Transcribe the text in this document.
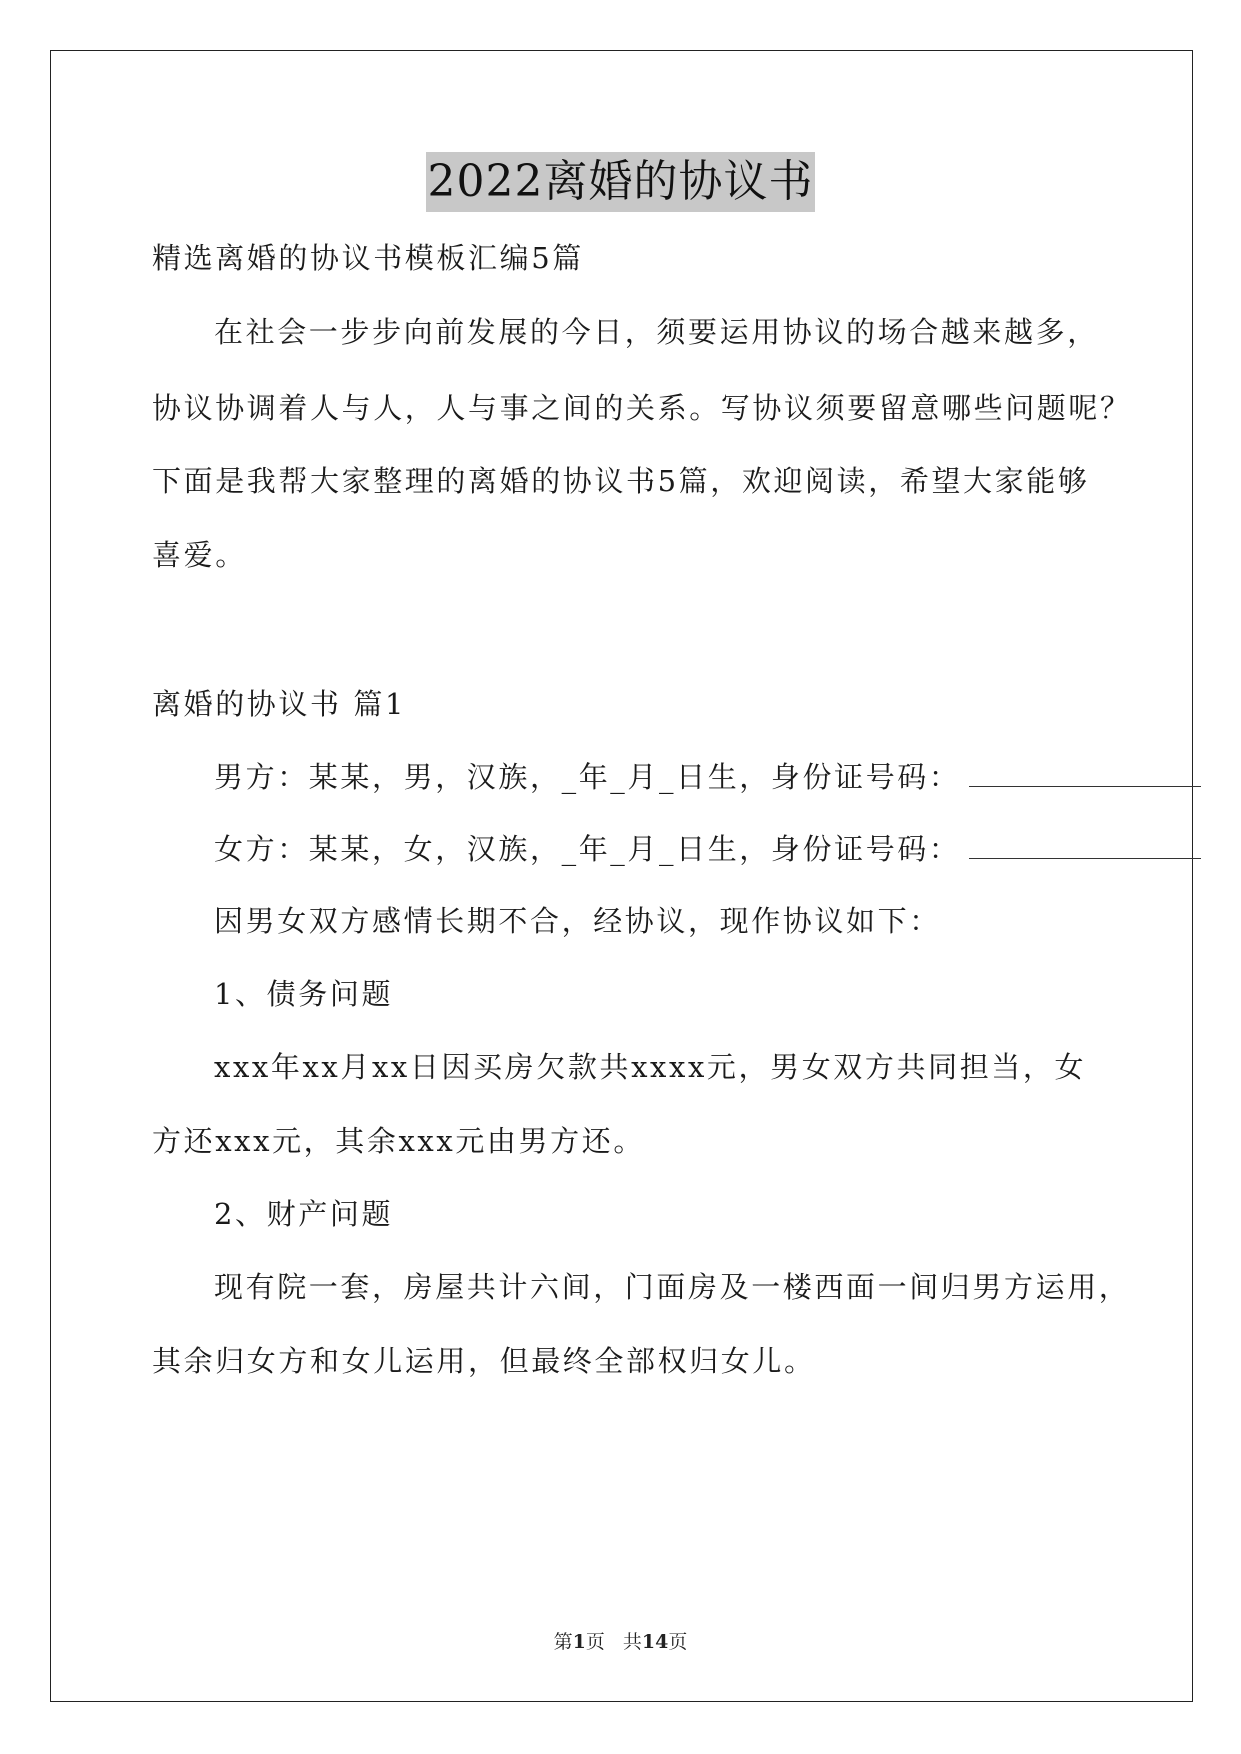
2022离婚的协议书
精选离婚的协议书模板汇编5篇
在社会一步步向前发展的今日，须要运用协议的场合越来越多，
协议协调着人与人，人与事之间的关系。写协议须要留意哪些问题呢？
下面是我帮大家整理的离婚的协议书5篇，欢迎阅读，希望大家能够
喜爱。
离婚的协议书 篇1
男方：某某，男，汉族，_年_月_日生，身份证号码：
女方：某某，女，汉族，_年_月_日生，身份证号码：
因男女双方感情长期不合，经协议，现作协议如下：
1、债务问题
xxx年xx月xx日因买房欠款共xxxx元，男女双方共同担当，女
方还xxx元，其余xxx元由男方还。
2、财产问题
现有院一套，房屋共计六间，门面房及一楼西面一间归男方运用，
其余归女方和女儿运用，但最终全部权归女儿。
第1页 共14页
